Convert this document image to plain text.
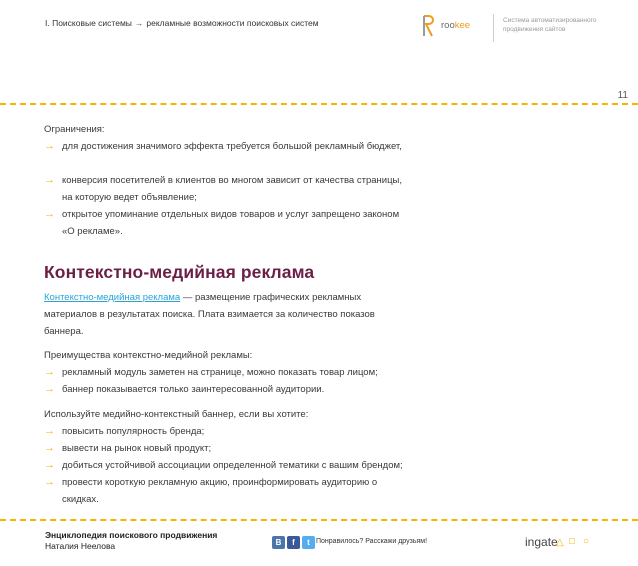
I. Поисковые системы → рекламные возможности поисковых систем	rookee	Система автоматизированного продвижения сайтов
11
Ограничения:
→ для достижения значимого эффекта требуется большой рекламный бюджет,
→ конверсия посетителей в клиентов во многом зависит от качества страницы, на которую ведет объявление;
→ открытое упоминание отдельных видов товаров и услуг запрещено законом «О рекламе».
Контекстно-медийная реклама
Контекстно-медийная реклама — размещение графических рекламных материалов в результатах поиска. Плата взимается за количество показов баннера.
Преимущества контекстно-медийной рекламы:
→ рекламный модуль заметен на странице, можно показать товар лицом;
→ баннер показывается только заинтересованной аудитории.
Используйте медийно-контекстный баннер, если вы хотите:
→ повысить популярность бренда;
→ вывести на рынок новый продукт;
→ добиться устойчивой ассоциации определенной тематики с вашим брендом;
→ провести короткую рекламную акцию, проинформировать аудиторию о скидках.
Энциклопедия поискового продвижения
Наталия Неелова	В	f	t Понравилось? Расскажи друзьям!	ingate
△ □ ○
